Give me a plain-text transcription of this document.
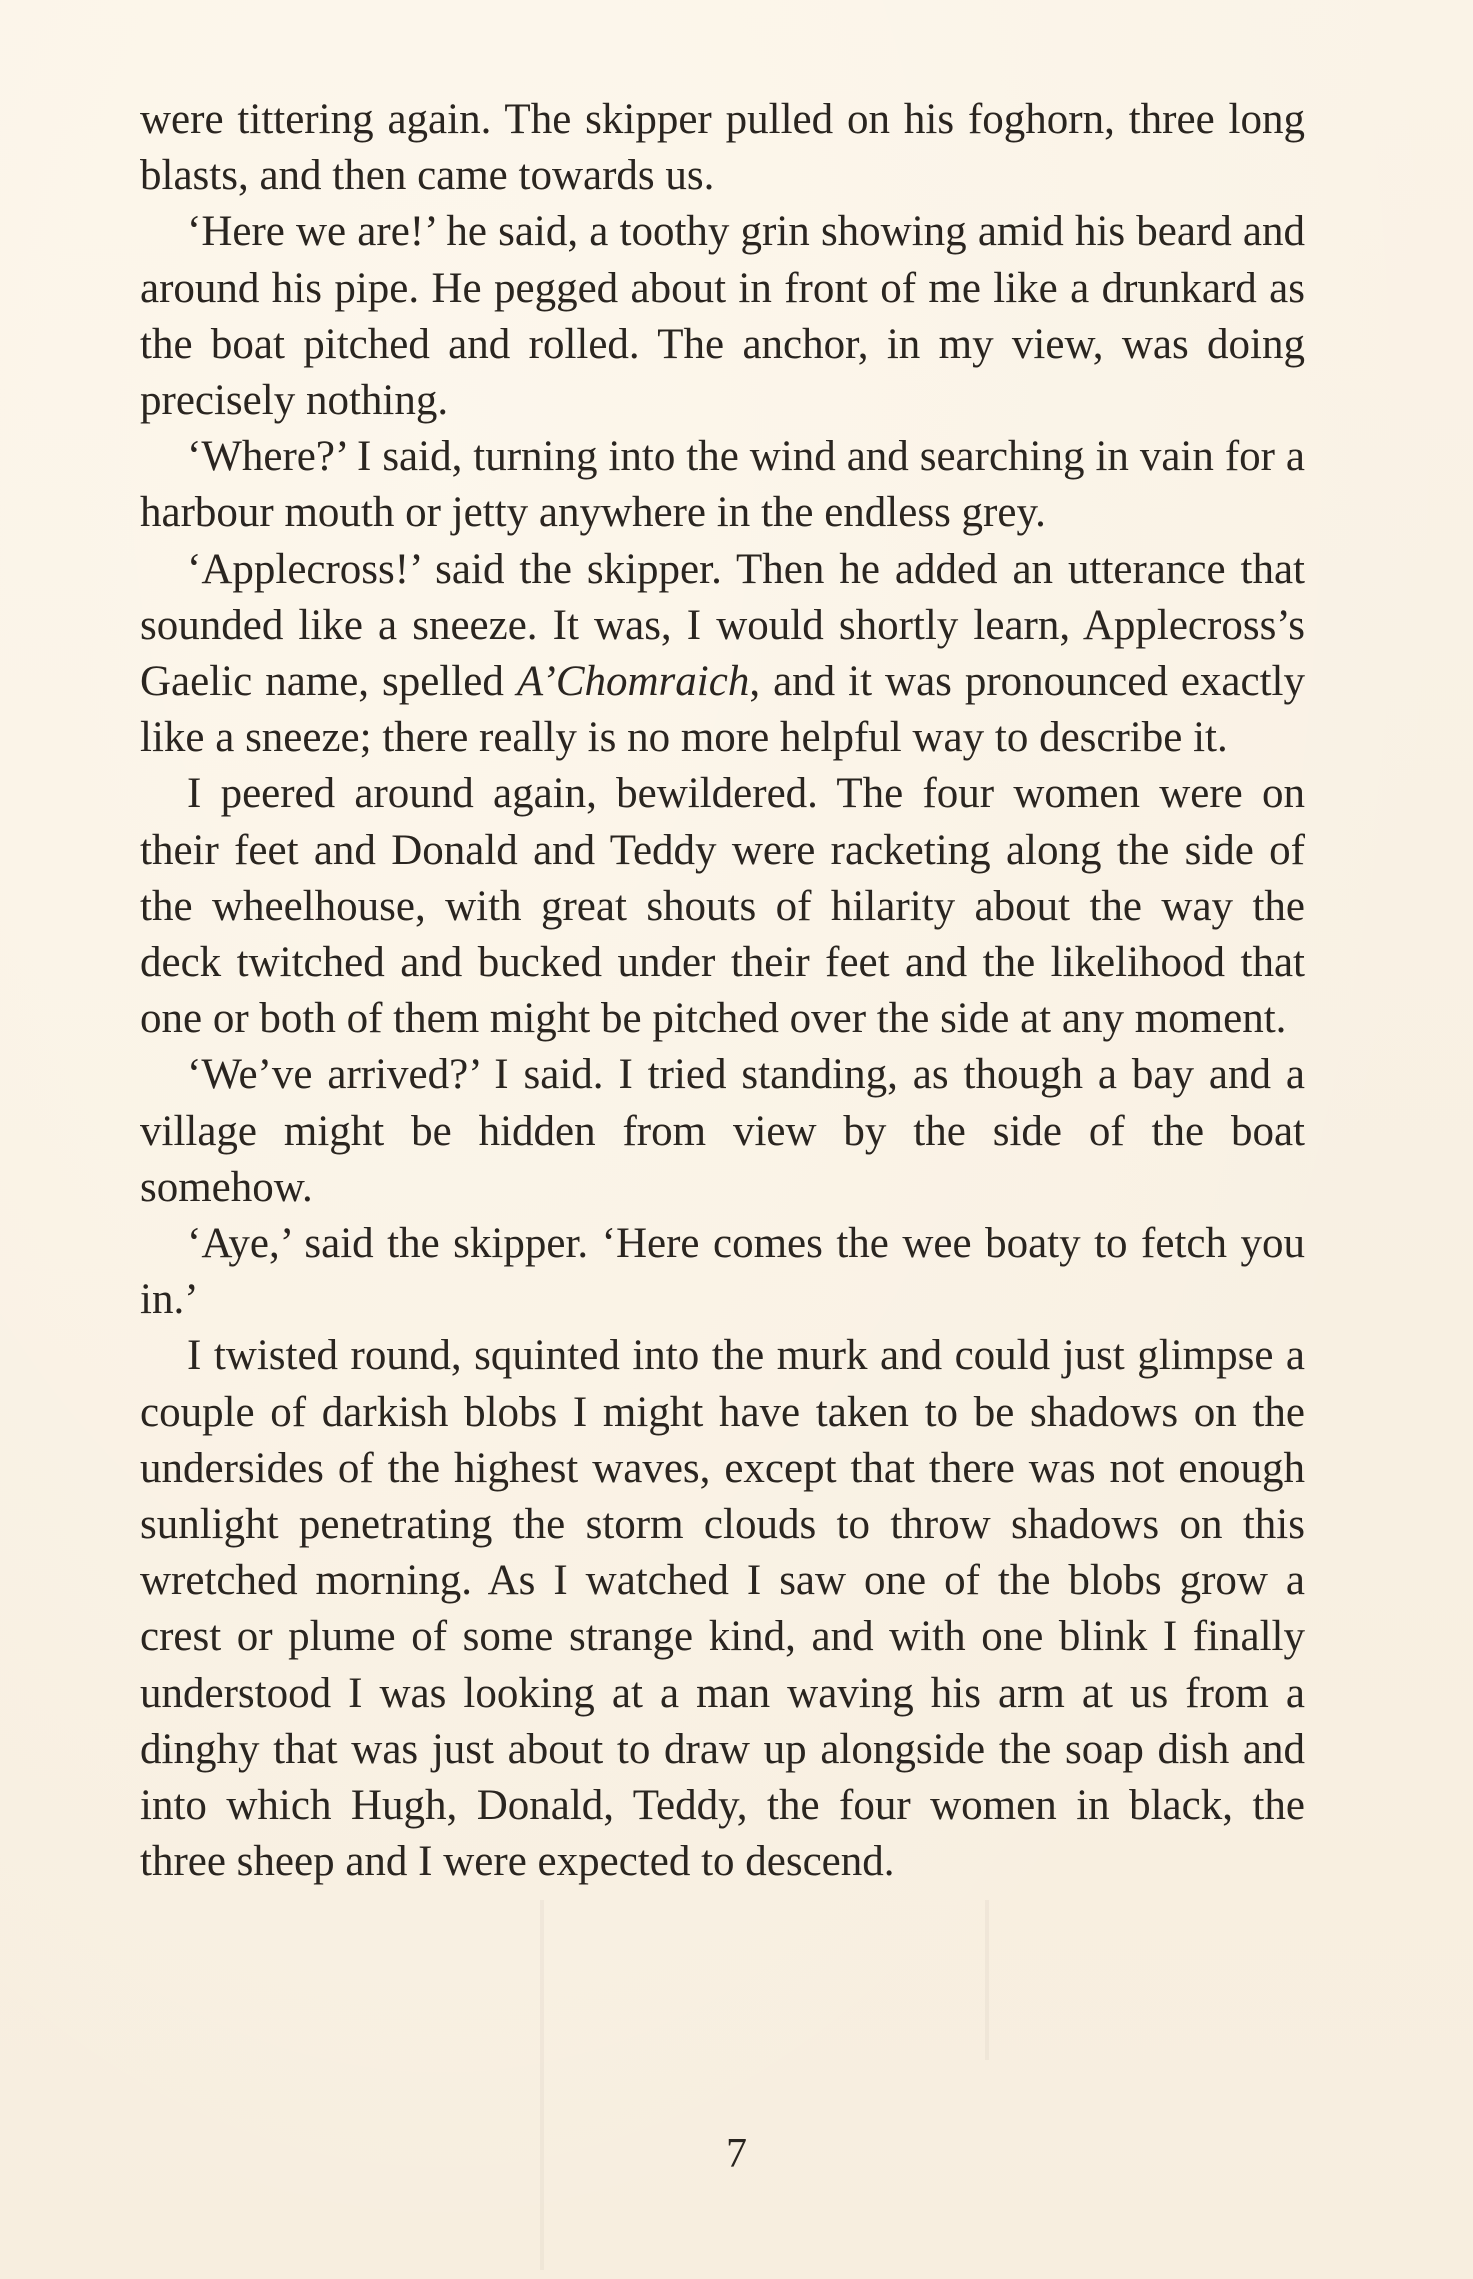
were tittering again. The skipper pulled on his foghorn, three long blasts, and then came towards us.

‘Here we are!’ he said, a toothy grin showing amid his beard and around his pipe. He pegged about in front of me like a drunkard as the boat pitched and rolled. The anchor, in my view, was doing precisely nothing.

‘Where?’ I said, turning into the wind and searching in vain for a harbour mouth or jetty anywhere in the endless grey.

‘Applecross!’ said the skipper. Then he added an utterance that sounded like a sneeze. It was, I would shortly learn, Applecross’s Gaelic name, spelled A’Chomraich, and it was pronounced exactly like a sneeze; there really is no more helpful way to describe it.

I peered around again, bewildered. The four women were on their feet and Donald and Teddy were racketing along the side of the wheelhouse, with great shouts of hilarity about the way the deck twitched and bucked under their feet and the likelihood that one or both of them might be pitched over the side at any moment.

‘We’ve arrived?’ I said. I tried standing, as though a bay and a village might be hidden from view by the side of the boat somehow.

‘Aye,’ said the skipper. ‘Here comes the wee boaty to fetch you in.’

I twisted round, squinted into the murk and could just glimpse a couple of darkish blobs I might have taken to be shadows on the undersides of the highest waves, except that there was not enough sunlight penetrating the storm clouds to throw shadows on this wretched morning. As I watched I saw one of the blobs grow a crest or plume of some strange kind, and with one blink I finally understood I was looking at a man waving his arm at us from a dinghy that was just about to draw up alongside the soap dish and into which Hugh, Donald, Teddy, the four women in black, the three sheep and I were expected to descend.

7
